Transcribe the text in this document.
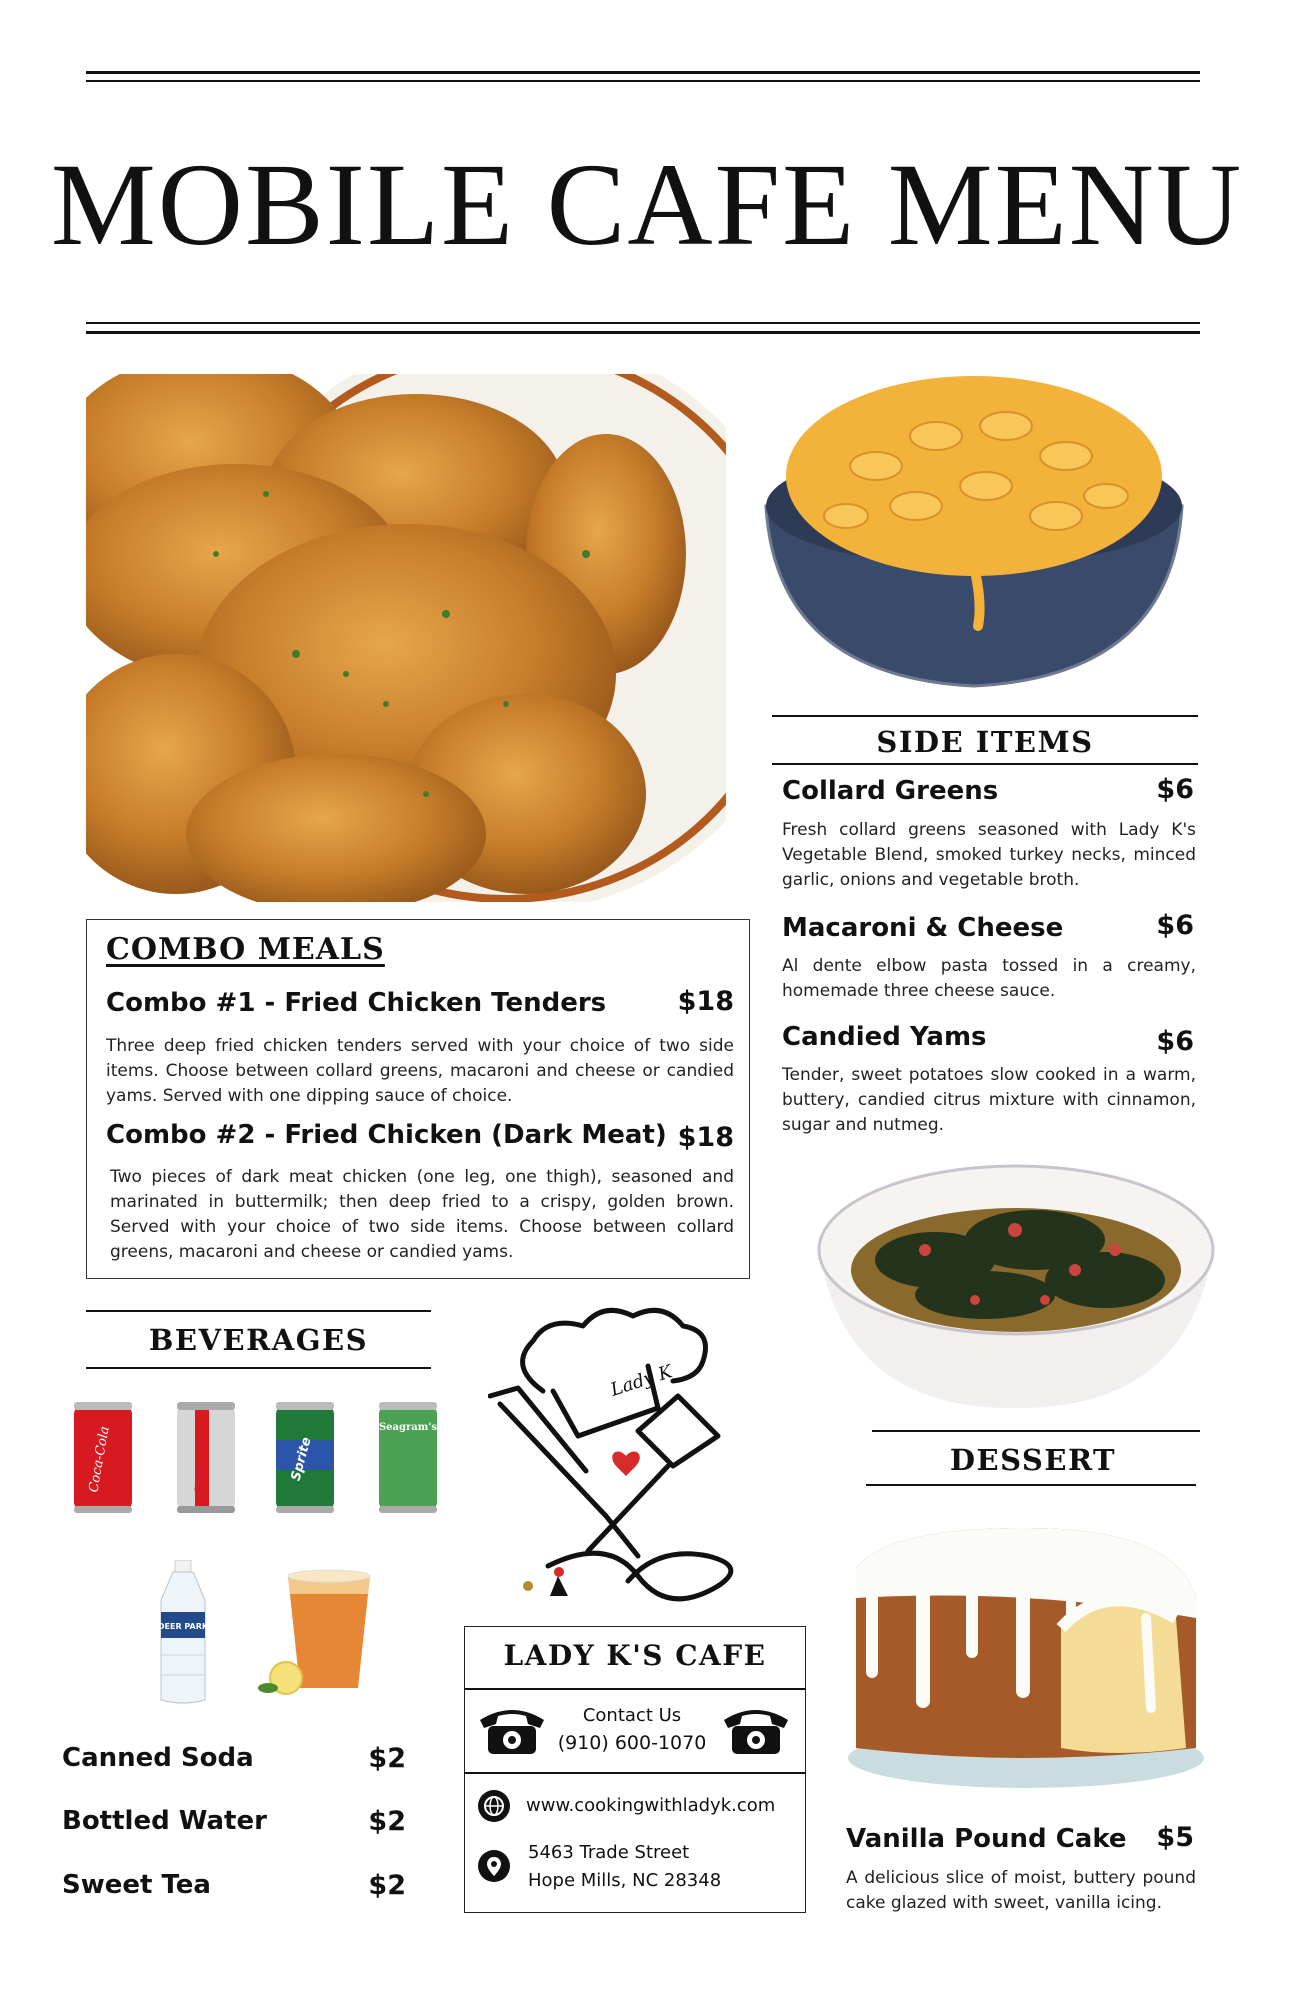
MOBILE CAFE MENU
SIDE ITEMS
Collard Greens	$6
Fresh collard greens seasoned with Lady K's Vegetable Blend, smoked turkey necks, minced garlic, onions and vegetable broth.
Macaroni & Cheese	$6
Al dente elbow pasta tossed in a creamy, homemade three cheese sauce.
Candied Yams	$6
Tender, sweet potatoes slow cooked in a warm, buttery, candied citrus mixture with cinnamon, sugar and nutmeg.
COMBO MEALS
Combo #1 - Fried Chicken Tenders	$18
Three deep fried chicken tenders served with your choice of two side items. Choose between collard greens, macaroni and cheese or candied yams. Served with one dipping sauce of choice.
Combo #2 - Fried Chicken (Dark Meat) $18
Two pieces of dark meat chicken (one leg, one thigh), seasoned and marinated in buttermilk; then deep fried to a crispy, golden brown. Served with your choice of two side items. Choose between collard greens, macaroni and cheese or candied yams.
BEVERAGES
Coca-Cola	Diet Coke	Sprite
Seagram's
DEER PARK
Canned Soda	$2
Bottled Water	$2
Sweet Tea	$2
Lady K
LADY K'S CAFE
Contact Us
(910) 600-1070
www.cookingwithladyk.com
5463 Trade Street
Hope Mills, NC 28348
DESSERT
Vanilla Pound Cake	$5
A delicious slice of moist, buttery pound cake glazed with sweet, vanilla icing.
